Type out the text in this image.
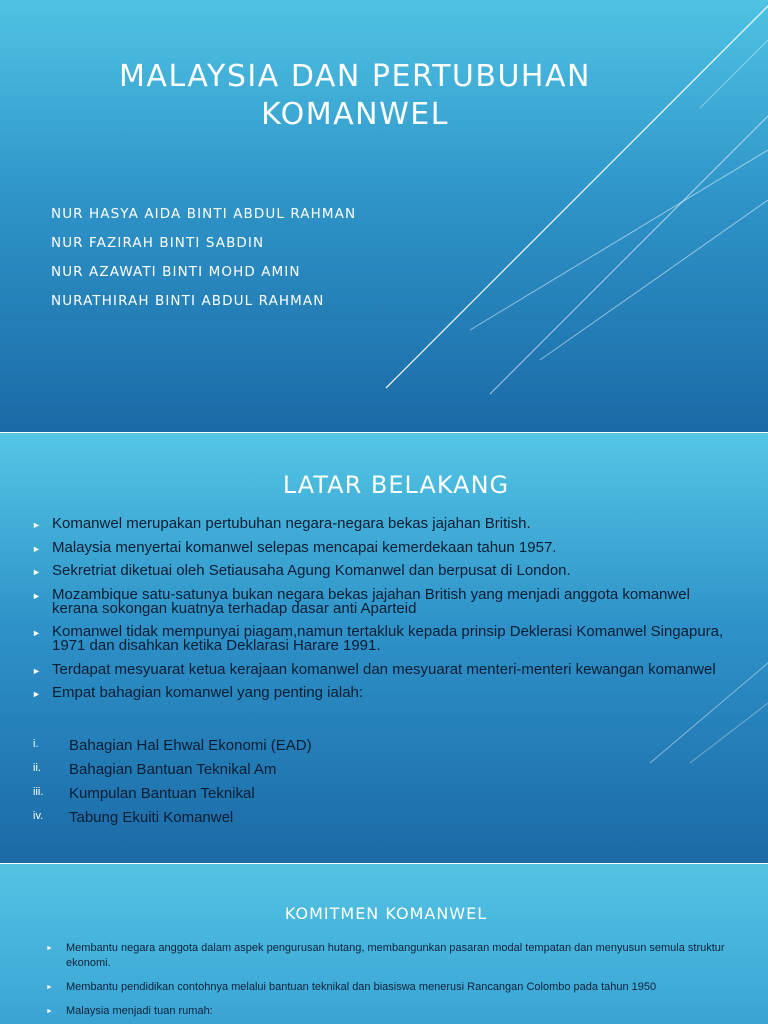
MALAYSIA DAN PERTUBUHAN KOMANWEL
NUR HASYA AIDA BINTI ABDUL RAHMAN
NUR FAZIRAH BINTI SABDIN
NUR AZAWATI BINTI MOHD AMIN
NURATHIRAH BINTI ABDUL RAHMAN
LATAR BELAKANG
► Komanwel merupakan pertubuhan negara-negara bekas jajahan British.
► Malaysia menyertai komanwel selepas mencapai kemerdekaan tahun 1957.
► Sekretriat diketuai oleh Setiausaha Agung Komanwel dan berpusat di London.
► Mozambique satu-satunya bukan negara bekas jajahan British yang menjadi anggota komanwel kerana sokongan kuatnya terhadap dasar anti Aparteid
► Komanwel tidak mempunyai piagam,namun tertakluk kepada prinsip Deklerasi Komanwel Singapura, 1971 dan disahkan ketika Deklarasi Harare 1991.
► Terdapat mesyuarat ketua kerajaan komanwel dan mesyuarat menteri-menteri kewangan komanwel
► Empat bahagian komanwel yang penting ialah:
i. Bahagian Hal Ehwal Ekonomi (EAD)
ii. Bahagian Bantuan Teknikal Am
iii. Kumpulan Bantuan Teknikal
iv. Tabung Ekuiti Komanwel
KOMITMEN KOMANWEL
► Membantu negara anggota dalam aspek pengurusan hutang, membangunkan pasaran modal tempatan dan menyusun semula struktur ekonomi.
► Membantu pendidikan contohnya melalui bantuan teknikal dan biasiswa menerusi Rancangan Colombo pada tahun 1950
► Malaysia menjadi tuan rumah:
